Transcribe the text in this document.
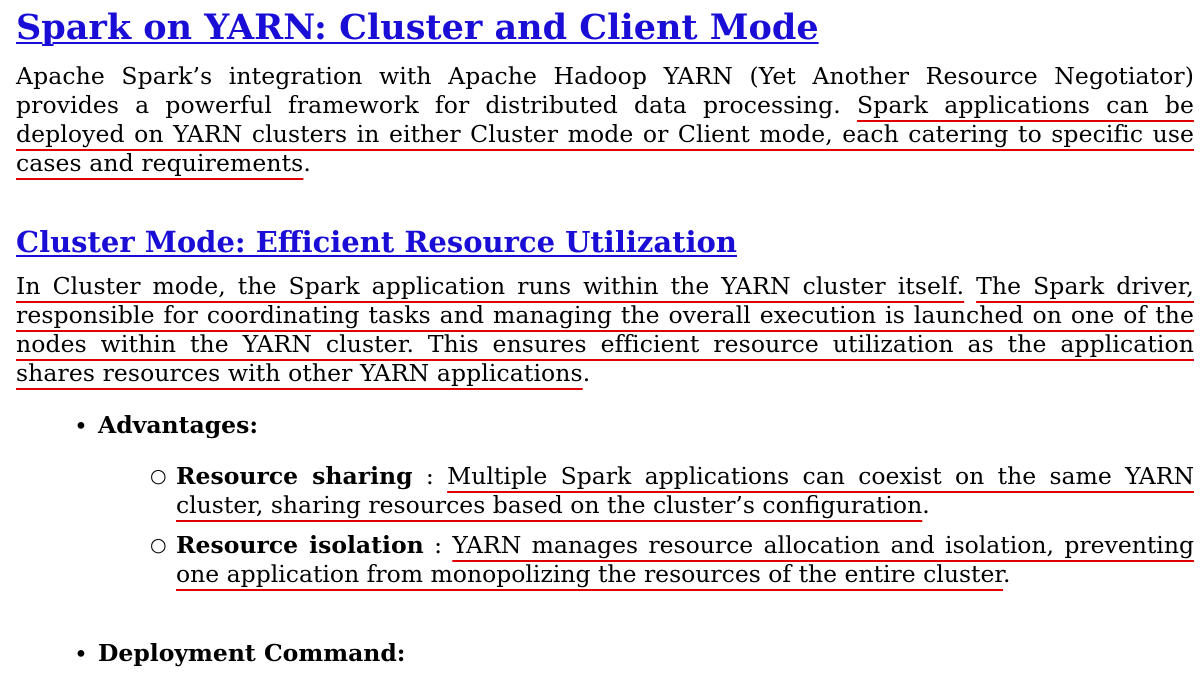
Spark on YARN: Cluster and Client Mode

Apache Spark’s integration with Apache Hadoop YARN (Yet Another Resource Negotiator) provides a powerful framework for distributed data processing. Spark applications can be deployed on YARN clusters in either Cluster mode or Client mode, each catering to specific use cases and requirements.

Cluster Mode: Efficient Resource Utilization

In Cluster mode, the Spark application runs within the YARN cluster itself. The Spark driver, responsible for coordinating tasks and managing the overall execution is launched on one of the nodes within the YARN cluster. This ensures efficient resource utilization as the application shares resources with other YARN applications.

• Advantages:
○ Resource sharing : Multiple Spark applications can coexist on the same YARN cluster, sharing resources based on the cluster’s configuration.
○ Resource isolation : YARN manages resource allocation and isolation, preventing one application from monopolizing the resources of the entire cluster.
• Deployment Command:
